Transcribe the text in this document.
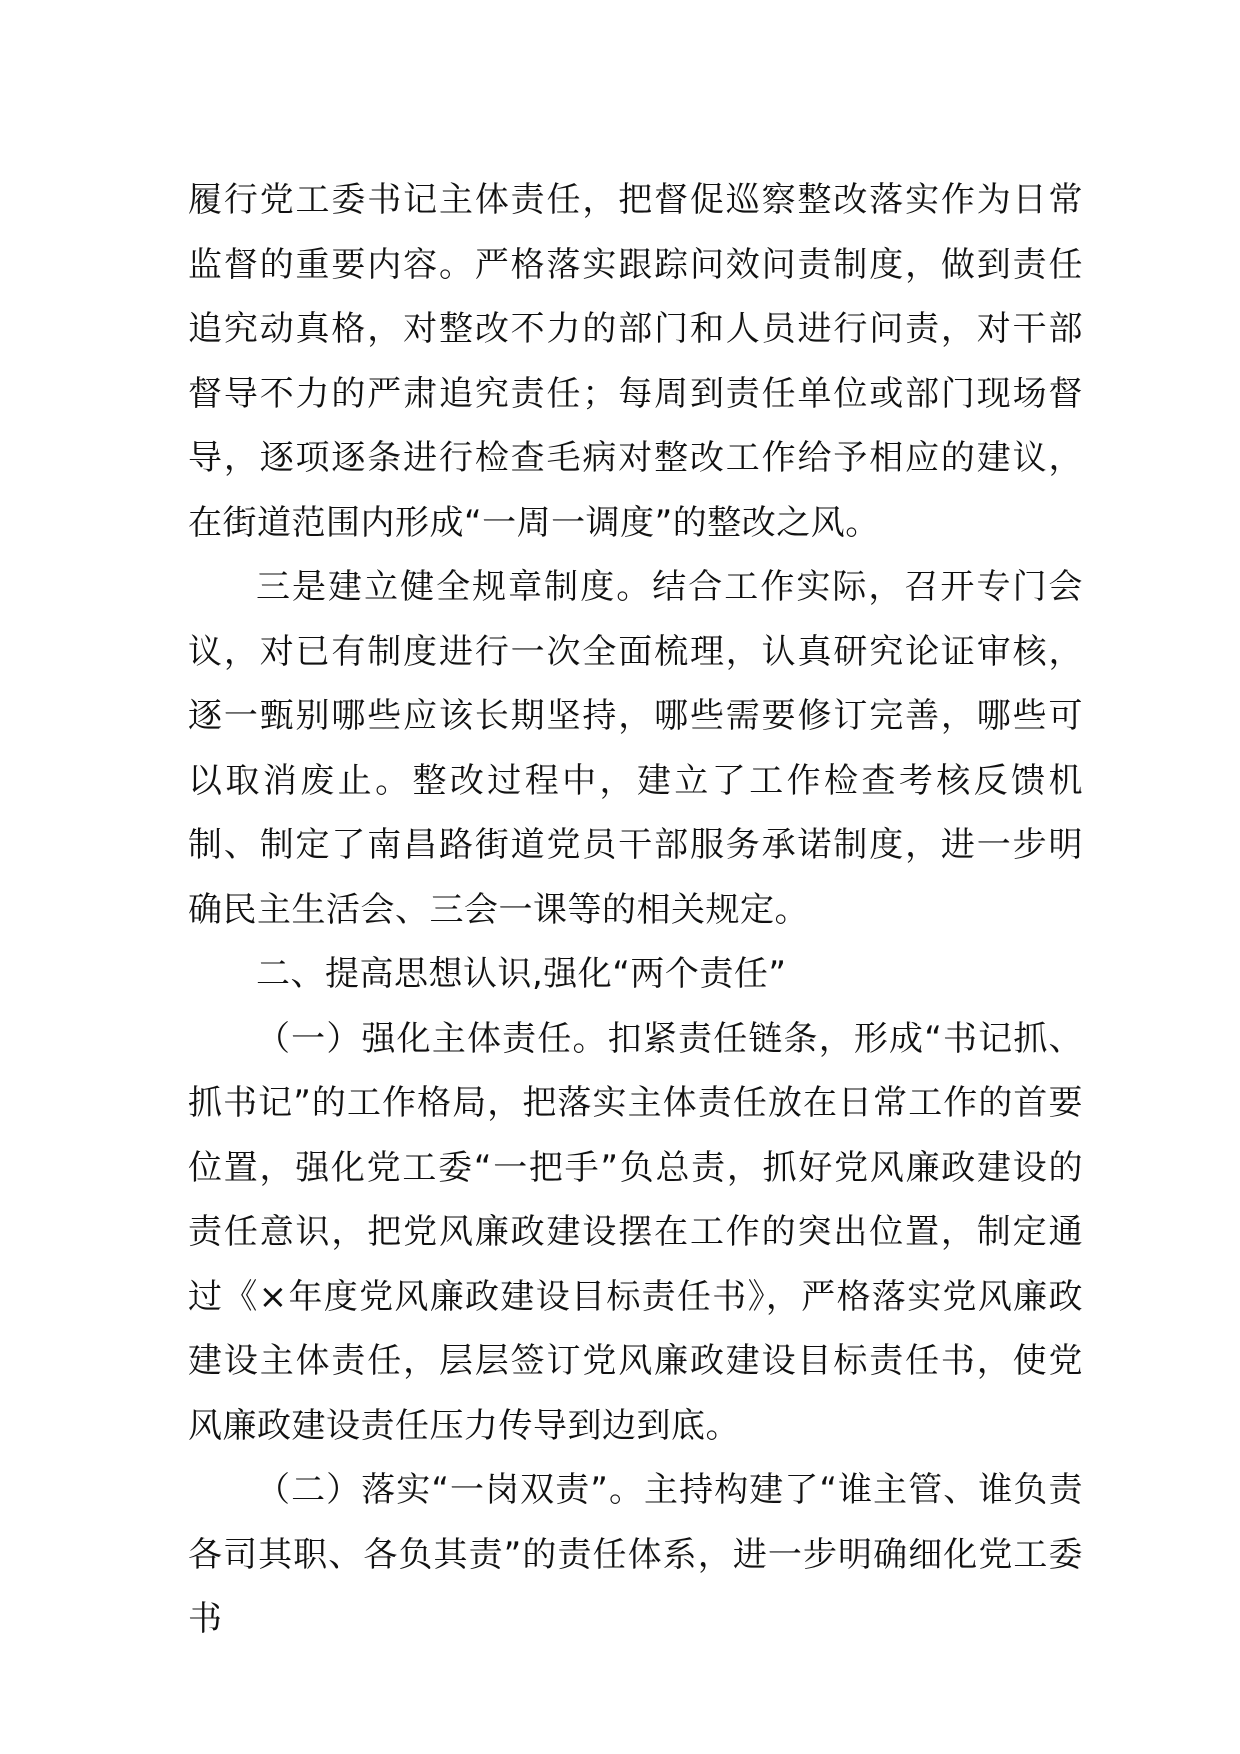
履行党工委书记主体责任，把督促巡察整改落实作为日常监督的重要内容。严格落实跟踪问效问责制度，做到责任追究动真格，对整改不力的部门和人员进行问责，对干部督导不力的严肃追究责任；每周到责任单位或部门现场督导，逐项逐条进行检查毛病对整改工作给予相应的建议，在街道范围内形成“一周一调度”的整改之风。

三是建立健全规章制度。结合工作实际，召开专门会议，对已有制度进行一次全面梳理，认真研究论证审核，逐一甄别哪些应该长期坚持，哪些需要修订完善，哪些可以取消废止。整改过程中，建立了工作检查考核反馈机制、制定了南昌路街道党员干部服务承诺制度，进一步明确民主生活会、三会一课等的相关规定。

二、提高思想认识,强化“两个责任”

（一）强化主体责任。扣紧责任链条，形成“书记抓、抓书记”的工作格局，把落实主体责任放在日常工作的首要位置，强化党工委“一把手”负总责，抓好党风廉政建设的责任意识，把党风廉政建设摆在工作的突出位置，制定通过《×年度党风廉政建设目标责任书》，严格落实党风廉政建设主体责任，层层签订党风廉政建设目标责任书，使党风廉政建设责任压力传导到边到底。

（二）落实“一岗双责”。主持构建了“谁主管、谁负责各司其职、各负其责”的责任体系，进一步明确细化党工委书
